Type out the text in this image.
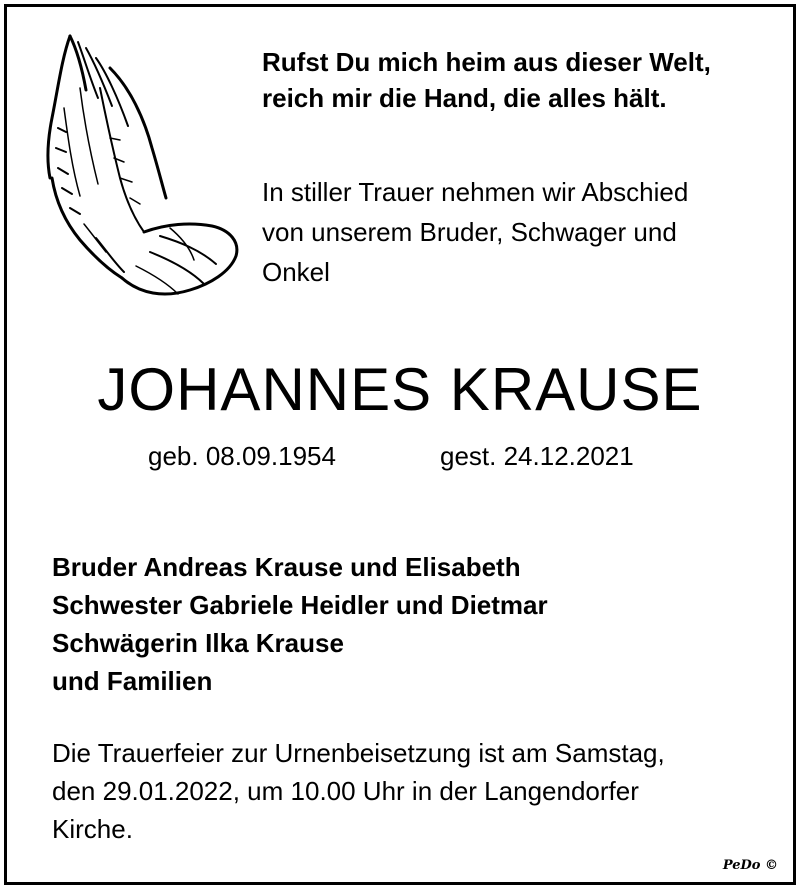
Rufst Du mich heim aus dieser Welt,
reich mir die Hand, die alles hält.
In stiller Trauer nehmen wir Abschied
von unserem Bruder, Schwager und
Onkel
JOHANNES KRAUSE
geb. 08.09.1954	gest. 24.12.2021
Bruder Andreas Krause und Elisabeth
Schwester Gabriele Heidler und Dietmar
Schwägerin Ilka Krause
und Familien
Die Trauerfeier zur Urnenbeisetzung ist am Samstag,
den 29.01.2022, um 10.00 Uhr in der Langendorfer
Kirche.
PeDo ©
